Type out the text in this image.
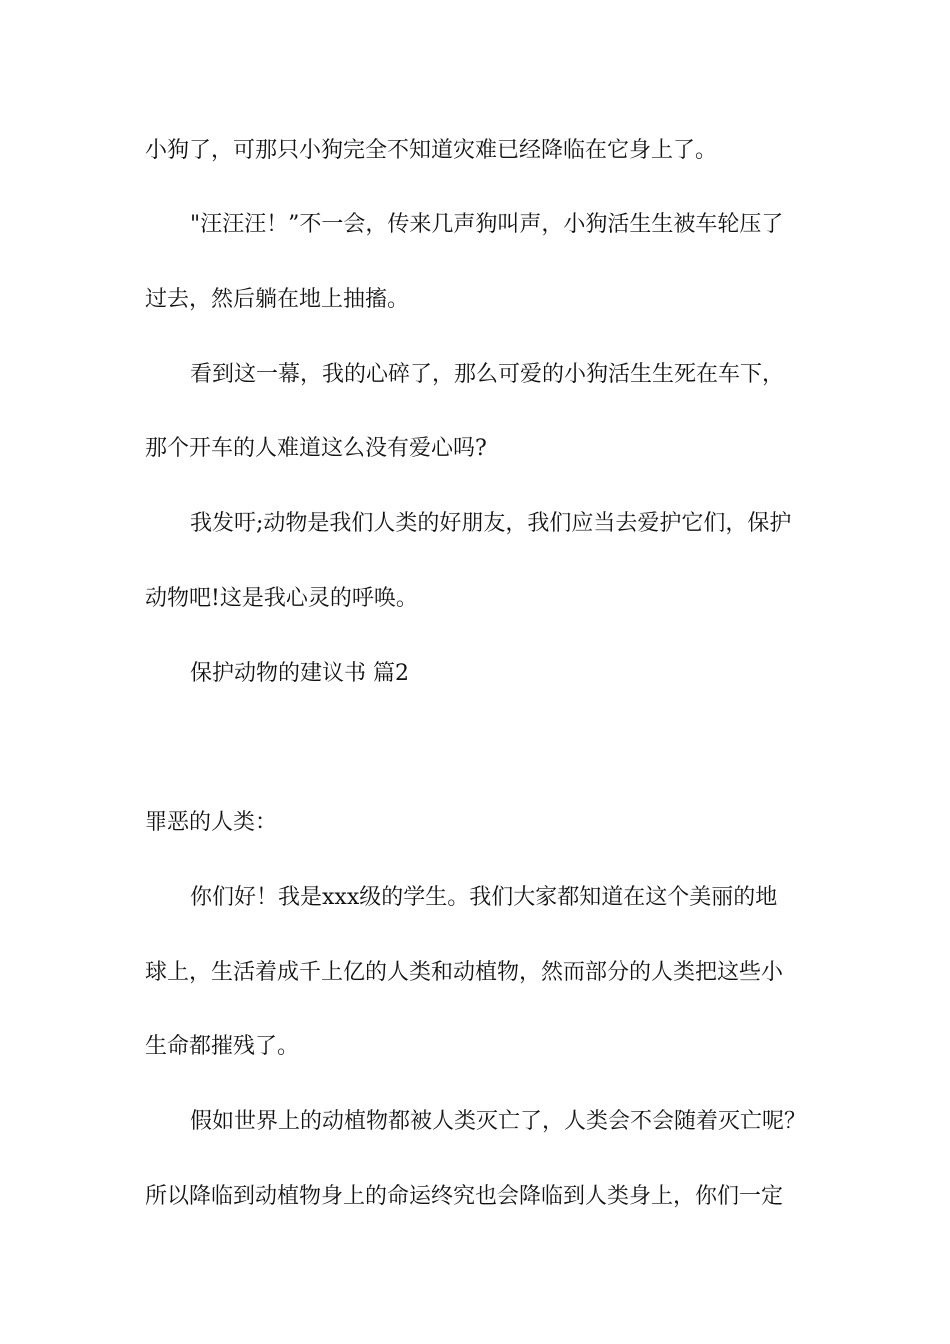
小狗了，可那只小狗完全不知道灾难已经降临在它身上了。
"汪汪汪！”不一会，传来几声狗叫声，小狗活生生被车轮压了
过去，然后躺在地上抽搐。
看到这一幕，我的心碎了，那么可爱的小狗活生生死在车下，
那个开车的人难道这么没有爱心吗?
我发吁;动物是我们人类的好朋友，我们应当去爱护它们，保护
动物吧!这是我心灵的呼唤。
保护动物的建议书 篇2
罪恶的人类：
你们好！我是xxx级的学生。我们大家都知道在这个美丽的地
球上，生活着成千上亿的人类和动植物，然而部分的人类把这些小
生命都摧残了。
假如世界上的动植物都被人类灭亡了，人类会不会随着灭亡呢？
所以降临到动植物身上的命运终究也会降临到人类身上，你们一定
